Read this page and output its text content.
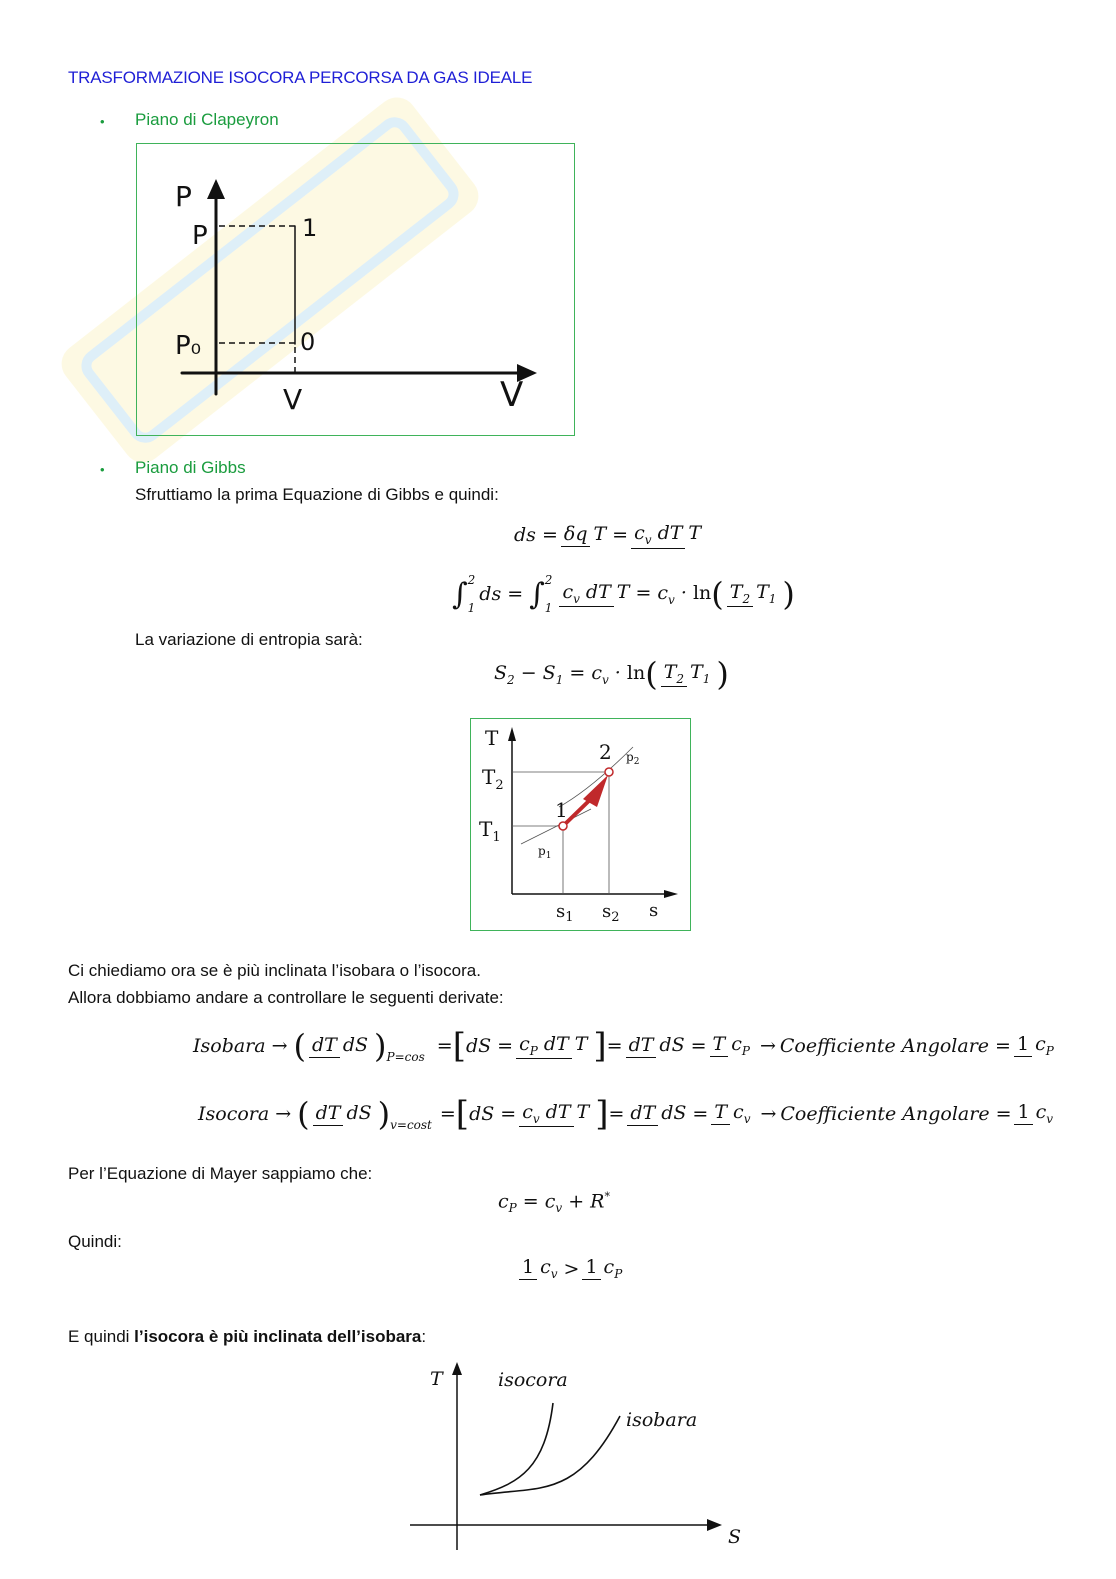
TRASFORMAZIONE ISOCORA PERCORSA DA GAS IDEALE
• Piano di Clapeyron
P
P
P₀
V	V
1
0
• Piano di Gibbs
Sfruttiamo la prima Equazione di Gibbs e quindi:
ds = δq $T = c_v$ dT T
∫ 2
1
ds = ∫ 2
1
$c_v$ dT $T = c_v \cdot \ln$ ( $T_2$ $T_1$ )
La variazione di entropia sarà:
$S_2 - S_1 = c_v \cdot \ln$ ( $T_2$ $T_1$ )
T
$T_2$
$T_1$
$s_1$ $s_2$ s
1
2
$p_1$
$p_2$
Ci chiediamo ora se è più inclinata l’isobara o l’isocora.
Allora dobbiamo andare a controllare le seguenti derivate:
Isobara → ( dT dS ) P=cos = [ dS = $c_P$ dT T ] = dT dS = T $c_P$ → Coefficiente Angolare = 1 $c_P$
Isocora → ( dT dS ) v=cost = [ dS = $c_v$ dT T ] = dT dS = T $c_v$ → Coefficiente Angolare = 1 $c_v$
Per l’Equazione di Mayer sappiamo che:
$c_P = c_v + R^*$
Quindi:
1 $c_v > 1$ $c_P$
E quindi l’isocora è più inclinata dell’isobara:
T	isocora
isobara
S
